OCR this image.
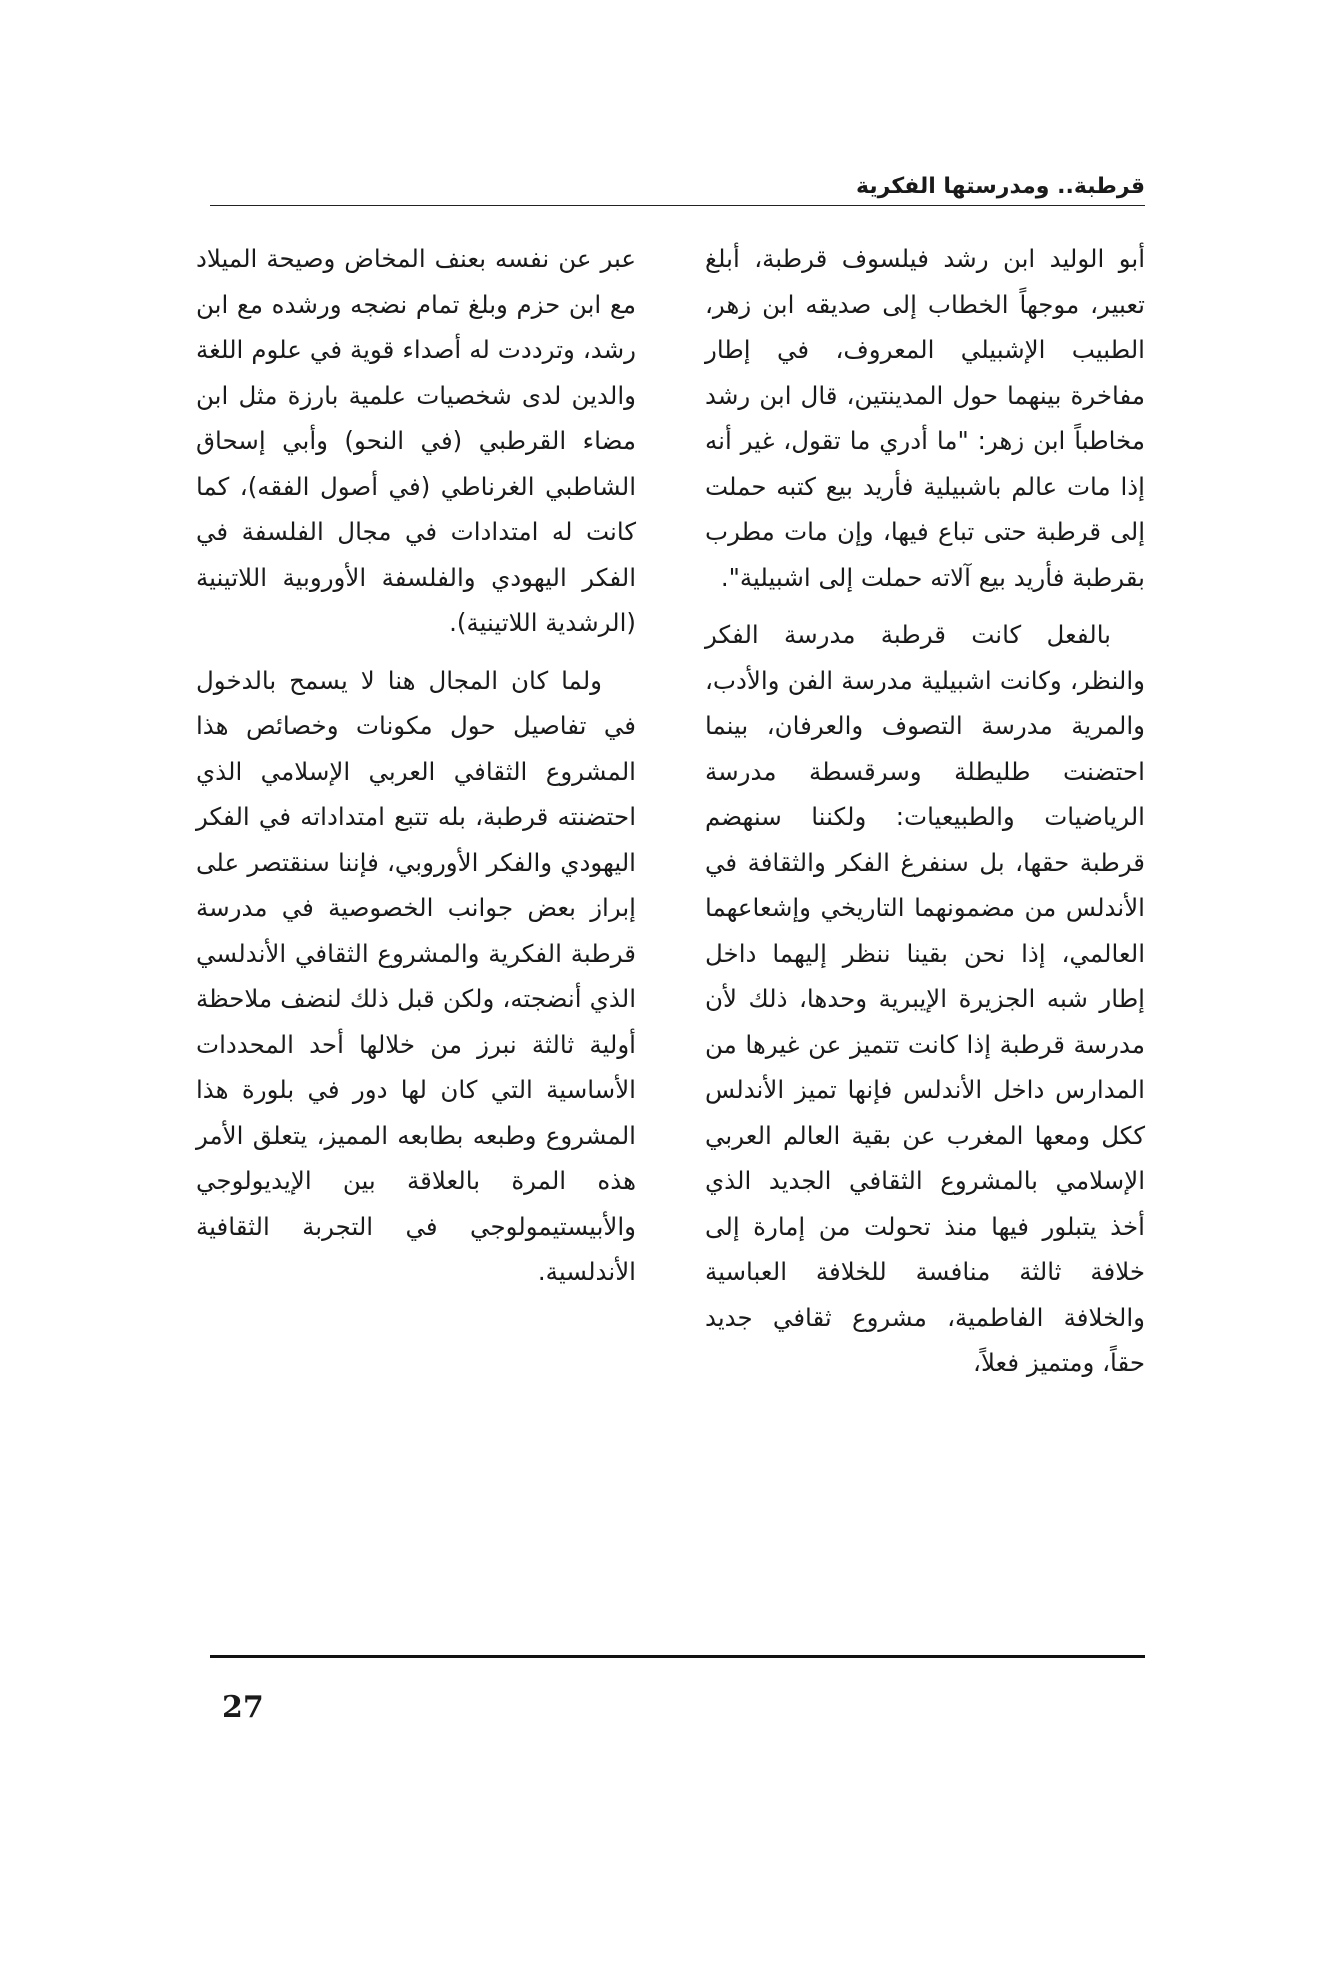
قرطبة.. ومدرستها الفكرية

أبو الوليد ابن رشد فيلسوف قرطبة، أبلغ تعبير، موجهاً الخطاب إلى صديقه ابن زهر، الطبيب الإشبيلي المعروف، في إطار مفاخرة بينهما حول المدينتين، قال ابن رشد مخاطباً ابن زهر: "ما أدري ما تقول، غير أنه إذا مات عالم باشبيلية فأريد بيع كتبه حملت إلى قرطبة حتى تباع فيها، وإن مات مطرب بقرطبة فأريد بيع آلاته حملت إلى اشبيلية".

بالفعل كانت قرطبة مدرسة الفكر والنظر، وكانت اشبيلية مدرسة الفن والأدب، والمرية مدرسة التصوف والعرفان، بينما احتضنت طليطلة وسرقسطة مدرسة الرياضيات والطبيعيات: ولكننا سنهضم قرطبة حقها، بل سنفرغ الفكر والثقافة في الأندلس من مضمونهما التاريخي وإشعاعهما العالمي، إذا نحن بقينا ننظر إليهما داخل إطار شبه الجزيرة الإيبرية وحدها، ذلك لأن مدرسة قرطبة إذا كانت تتميز عن غيرها من المدارس داخل الأندلس فإنها تميز الأندلس ككل ومعها المغرب عن بقية العالم العربي الإسلامي بالمشروع الثقافي الجديد الذي أخذ يتبلور فيها منذ تحولت من إمارة إلى خلافة ثالثة منافسة للخلافة العباسية والخلافة الفاطمية، مشروع ثقافي جديد حقاً، ومتميز فعلاً،

عبر عن نفسه بعنف المخاض وصيحة الميلاد مع ابن حزم وبلغ تمام نضجه ورشده مع ابن رشد، وترددت له أصداء قوية في علوم اللغة والدين لدى شخصيات علمية بارزة مثل ابن مضاء القرطبي (في النحو) وأبي إسحاق الشاطبي الغرناطي (في أصول الفقه)، كما كانت له امتدادات في مجال الفلسفة في الفكر اليهودي والفلسفة الأوروبية اللاتينية (الرشدية اللاتينية).

ولما كان المجال هنا لا يسمح بالدخول في تفاصيل حول مكونات وخصائص هذا المشروع الثقافي العربي الإسلامي الذي احتضنته قرطبة، بله تتبع امتداداته في الفكر اليهودي والفكر الأوروبي، فإننا سنقتصر على إبراز بعض جوانب الخصوصية في مدرسة قرطبة الفكرية والمشروع الثقافي الأندلسي الذي أنضجته، ولكن قبل ذلك لنضف ملاحظة أولية ثالثة نبرز من خلالها أحد المحددات الأساسية التي كان لها دور في بلورة هذا المشروع وطبعه بطابعه المميز، يتعلق الأمر هذه المرة بالعلاقة بين الإيديولوجي والأبيستيمولوجي في التجربة الثقافية الأندلسية.

27
